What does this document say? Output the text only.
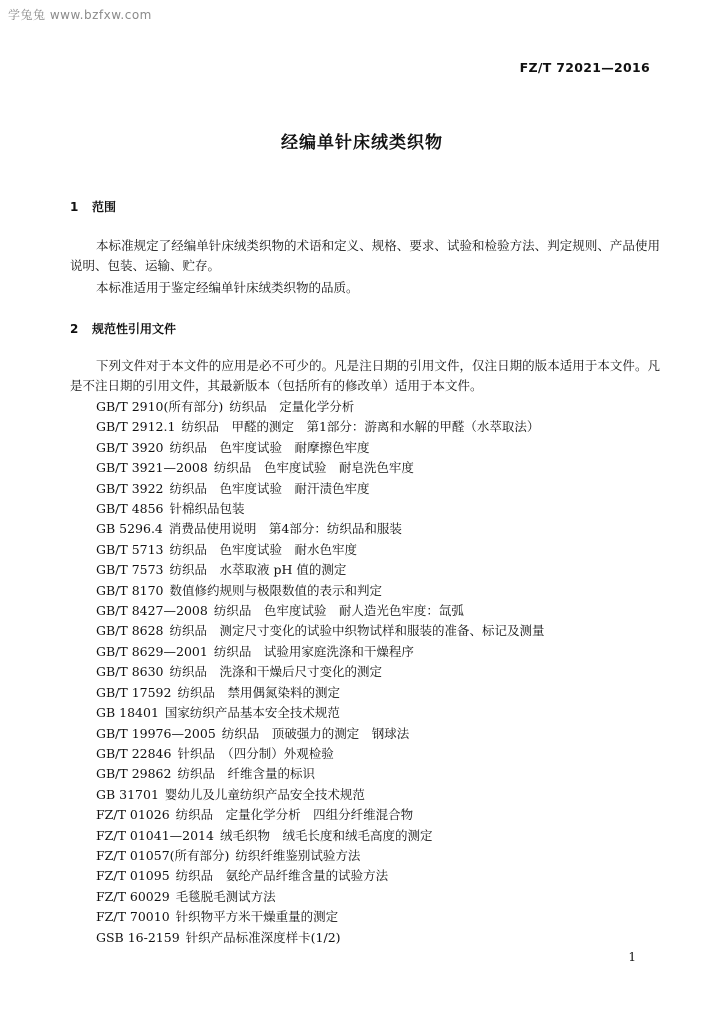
学兔兔 www.bzfxw.com
FZ/T 72021—2016
经编单针床绒类织物
1 范围

本标准规定了经编单针床绒类织物的术语和定义、规格、要求、试验和检验方法、判定规则、产品使用说明、包装、运输、贮存。

本标准适用于鉴定经编单针床绒类织物的品质。

2 规范性引用文件

下列文件对于本文件的应用是必不可少的。凡是注日期的引用文件，仅注日期的版本适用于本文件。凡是不注日期的引用文件，其最新版本（包括所有的修改单）适用于本文件。

GB/T 2910(所有部分) 纺织品　定量化学分析
GB/T 2912.1 纺织品　甲醛的测定　第1部分：游离和水解的甲醛（水萃取法）
GB/T 3920 纺织品　色牢度试验　耐摩擦色牢度
GB/T 3921—2008 纺织品　色牢度试验　耐皂洗色牢度
GB/T 3922 纺织品　色牢度试验　耐汗渍色牢度
GB/T 4856 针棉织品包装
GB 5296.4 消费品使用说明　第4部分：纺织品和服装
GB/T 5713 纺织品　色牢度试验　耐水色牢度
GB/T 7573 纺织品　水萃取液 pH 值的测定
GB/T 8170 数值修约规则与极限数值的表示和判定
GB/T 8427—2008 纺织品　色牢度试验　耐人造光色牢度：氙弧
GB/T 8628 纺织品　测定尺寸变化的试验中织物试样和服装的准备、标记及测量
GB/T 8629—2001 纺织品　试验用家庭洗涤和干燥程序
GB/T 8630 纺织品　洗涤和干燥后尺寸变化的测定
GB/T 17592 纺织品　禁用偶氮染料的测定
GB 18401 国家纺织产品基本安全技术规范
GB/T 19976—2005 纺织品　顶破强力的测定　钢球法
GB/T 22846 针织品　（四分制）外观检验
GB/T 29862 纺织品　纤维含量的标识
GB 31701 婴幼儿及儿童纺织产品安全技术规范
FZ/T 01026 纺织品　定量化学分析　四组分纤维混合物
FZ/T 01041—2014 绒毛织物　绒毛长度和绒毛高度的测定
FZ/T 01057(所有部分) 纺织纤维鉴别试验方法
FZ/T 01095 纺织品　氨纶产品纤维含量的试验方法
FZ/T 60029 毛毯脱毛测试方法
FZ/T 70010 针织物平方米干燥重量的测定
GSB 16-2159 针织产品标准深度样卡(1/2)
1
